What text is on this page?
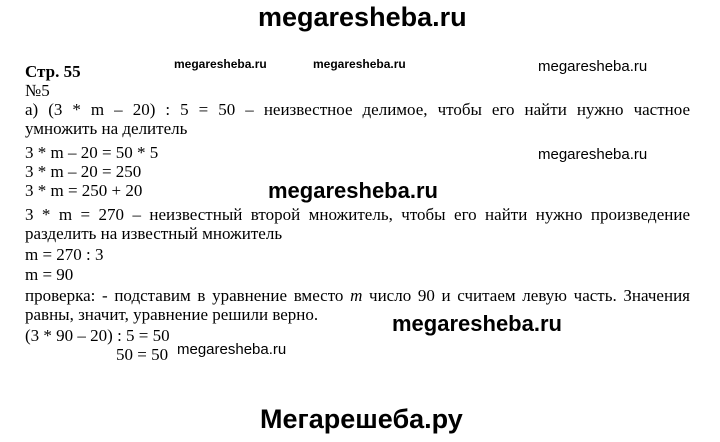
megaresheba.ru
megaresheba.ru	megaresheba.ru	megaresheba.ru
megaresheba.ru
megaresheba.ru
megaresheba.ru
megaresheba.ru
Стр. 55
№5
а) (3 * m – 20) : 5 = 50 – неизвестное делимое, чтобы его найти нужно частное
умножить на делитель
3 * m – 20 = 50 * 5
3 * m – 20 = 250
3 * m = 250 + 20
3 * m = 270 – неизвестный второй множитель, чтобы его найти нужно произведение
разделить на известный множитель
m = 270 : 3
m = 90
проверка: - подставим в уравнение вместо m число 90 и считаем левую часть. Значения
равны, значит, уравнение решили верно.
(3 * 90 – 20) : 5 = 50
50 = 50
Мегарешеба.ру
